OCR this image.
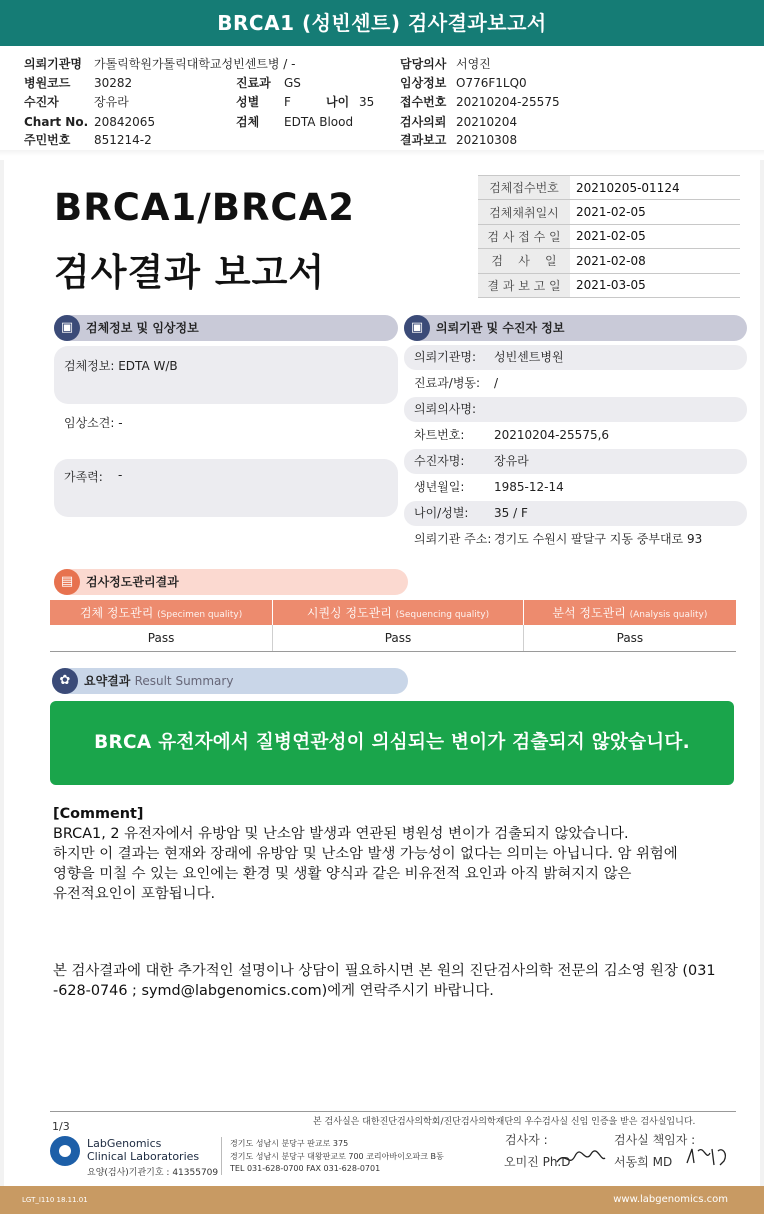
BRCA1 (성빈센트) 검사결과보고서
의뢰기관명 가톨릭학원가톨릭대학교성빈센트병 / -
병원코드 30282
수진자	장유라
Chart No. 20842065
주민번호 851214-2
진료과 GS
성별 F	나이 35
검체 EDTA Blood
담당의사 서영진
임상정보 O776F1LQ0
접수번호 20210204-25575
검사의뢰 20210204
결과보고 20210308
BRCA1/BRCA2
검사결과 보고서
검체접수번호	20210205-01124
검체채취일시	2021-02-05
검 사 접 수 일	2021-02-05
검    사    일	2021-02-08
결 과 보 고 일	2021-03-05
▣	검체정보 및 임상정보
검체정보: EDTA W/B
임상소견: -
가족력: -
▣	의뢰기관 및 수진자 정보
의뢰기관명: 성빈센트병원
진료과/병동: /
의뢰의사명:
차트번호: 20210204-25575,6
수진자명: 장유라
생년월일: 1985-12-14
나이/성별: 35 / F
의뢰기관 주소: 경기도 수원시 팔달구 지동 중부대로 93
▤	검사정도관리결과
검체 정도관리 (Specimen quality)	시퀀싱 정도관리 (Sequencing quality)	분석 정도관리 (Analysis quality)
Pass	Pass	Pass
✿	요약결과 Result Summary
BRCA 유전자에서 질병연관성이 의심되는 변이가 검출되지 않았습니다.
[Comment]
BRCA1, 2 유전자에서 유방암 및 난소암 발생과 연관된 병원성 변이가 검출되지 않았습니다.
하지만 이 결과는 현재와 장래에 유방암 및 난소암 발생 가능성이 없다는 의미는 아닙니다. 암 위험에
영향을 미칠 수 있는 요인에는 환경 및 생활 양식과 같은 비유전적 요인과 아직 밝혀지지 않은
유전적요인이 포함됩니다.
본 검사결과에 대한 추가적인 설명이나 상담이 필요하시면 본 원의 진단검사의학 전문의 김소영 원장 (031
-628-0746 ; symd@labgenomics.com)에게 연락주시기 바랍니다.
본 검사실은 대한진단검사의학회/진단검사의학재단의 우수검사실 신임 인증을 받은 검사실입니다.
1/3
LabGenomics
Clinical Laboratories
요양(검사)기관기호 : 41355709
경기도 성남시 분당구 판교로 375
경기도 성남시 분당구 대왕판교로 700 코리아바이오파크 B동
TEL 031-628-0700 FAX 031-628-0701
검사자 :
오미진 Ph.D
검사실 책임자 :
서동희 MD
LGT_I110 18.11.01	www.labgenomics.com
